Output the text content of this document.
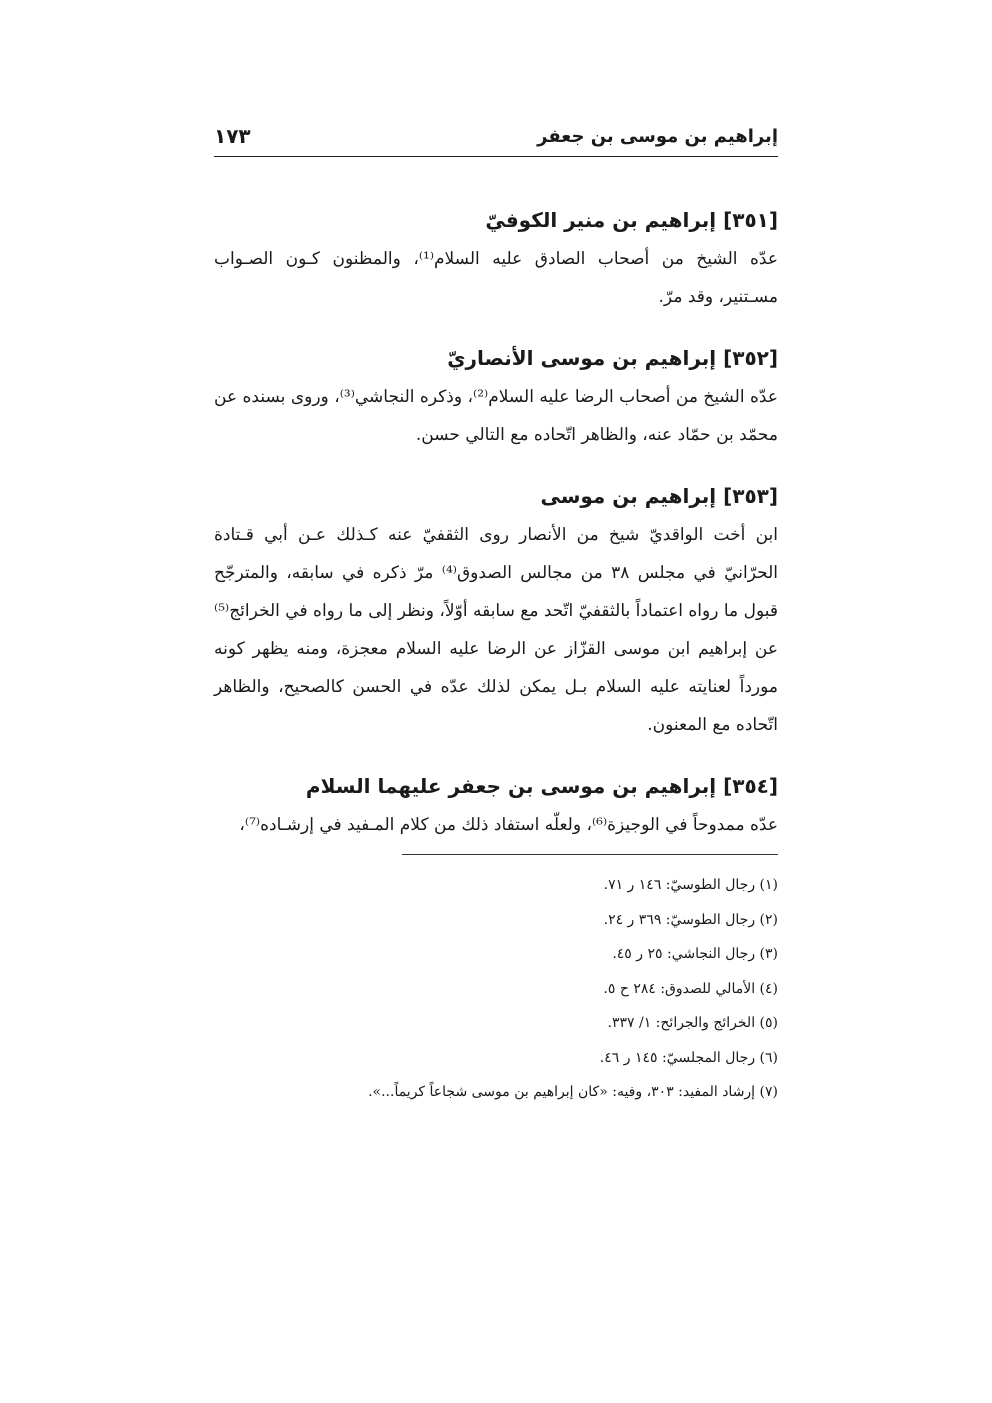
إبراهيم بن موسى بن جعفر
١٧٣

[٣٥١] إبراهيم بن منير الكوفيّ

عدّه الشيخ من أصحاب الصادق عليه السلام⁽¹⁾، والمظنون كـون الصـواب مسـتنير، وقد مرّ.

[٣٥٢] إبراهيم بن موسى الأنصاريّ

عدّه الشيخ من أصحاب الرضا عليه السلام⁽²⁾، وذكره النجاشي⁽³⁾، وروى بسنده عن محمّد بن حمّاد عنه، والظاهر اتّحاده مع التالي حسن.

[٣٥٣] إبراهيم بن موسى

ابن أخت الواقديّ شيخ من الأنصار روى الثقفيّ عنه كـذلك عـن أبي قـتادة الحرّانيّ في مجلس ٣٨ من مجالس الصدوق⁽⁴⁾ مرّ ذكره في سابقه، والمترجّح قبول ما رواه اعتماداً بالثقفيّ اتّحد مع سابقه أوّلاً، ونظر إلى ما رواه في الخرائج⁽⁵⁾ عن إبراهيم ابن موسى القزّاز عن الرضا عليه السلام معجزة، ومنه يظهر كونه مورداً لعنايته عليه السلام بـل يمكن لذلك عدّه في الحسن كالصحيح، والظاهر اتّحاده مع المعنون.

[٣٥٤] إبراهيم بن موسى بن جعفر عليهما السلام

عدّه ممدوحاً في الوجيزة⁽⁶⁾، ولعلّه استفاد ذلك من كلام المـفيد في إرشـاده⁽⁷⁾،

(١) رجال الطوسيّ: ١٤٦ ر ٧١.

(٢) رجال الطوسيّ: ٣٦٩ ر ٢٤.

(٣) رجال النجاشي: ٢٥ ر ٤٥.

(٤) الأمالي للصدوق: ٢٨٤ ح ٥.

(٥) الخرائج والجرائح: ١/ ٣٣٧.

(٦) رجال المجلسيّ: ١٤٥ ر ٤٦.

(٧) إرشاد المفيد: ٣٠٣، وفيه: «كان إبراهيم بن موسى شجاعاً كريماً...».
